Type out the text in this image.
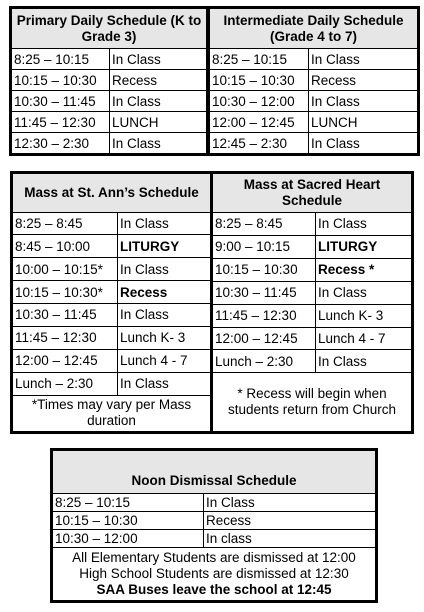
Primary Daily Schedule (K to Grade 3)	
8:25 – 10:15	In Class
10:15 – 10:30	Recess
10:30 – 11:45	In Class
11:45 – 12:30	LUNCH
12:30 – 2:30	In Class
Intermediate Daily Schedule (Grade 4 to 7)	
8:25 – 10:15	In Class
10:15 – 10:30	Recess
10:30 – 12:00	In Class
12:00 – 12:45	LUNCH
12:45 – 2:30	In Class
Mass at St. Ann’s Schedule	
8:25 – 8:45	In Class
8:45 – 10:00	LITURGY
10:00 – 10:15*	In Class
10:15 – 10:30*	Recess
10:30 – 11:45	In Class
11:45 – 12:30	Lunch K- 3
12:00 – 12:45	Lunch 4 - 7
Lunch – 2:30	In Class
*Times may vary per Mass duration	
Mass at Sacred Heart Schedule	
8:25 – 8:45	In Class
9:00 – 10:15	LITURGY
10:15 – 10:30	Recess *
10:30 – 11:45	In Class
11:45 – 12:30	Lunch K- 3
12:00 – 12:45	Lunch 4 - 7
Lunch – 2:30	In Class
* Recess will begin when students return from Church	
Noon Dismissal Schedule	
8:25 – 10:15	In Class
10:15 – 10:30	Recess
10:30 – 12:00	In class

All Elementary Students are dismissed at 12:00
High School Students are dismissed at 12:30
SAA Buses leave the school at 12:45	
